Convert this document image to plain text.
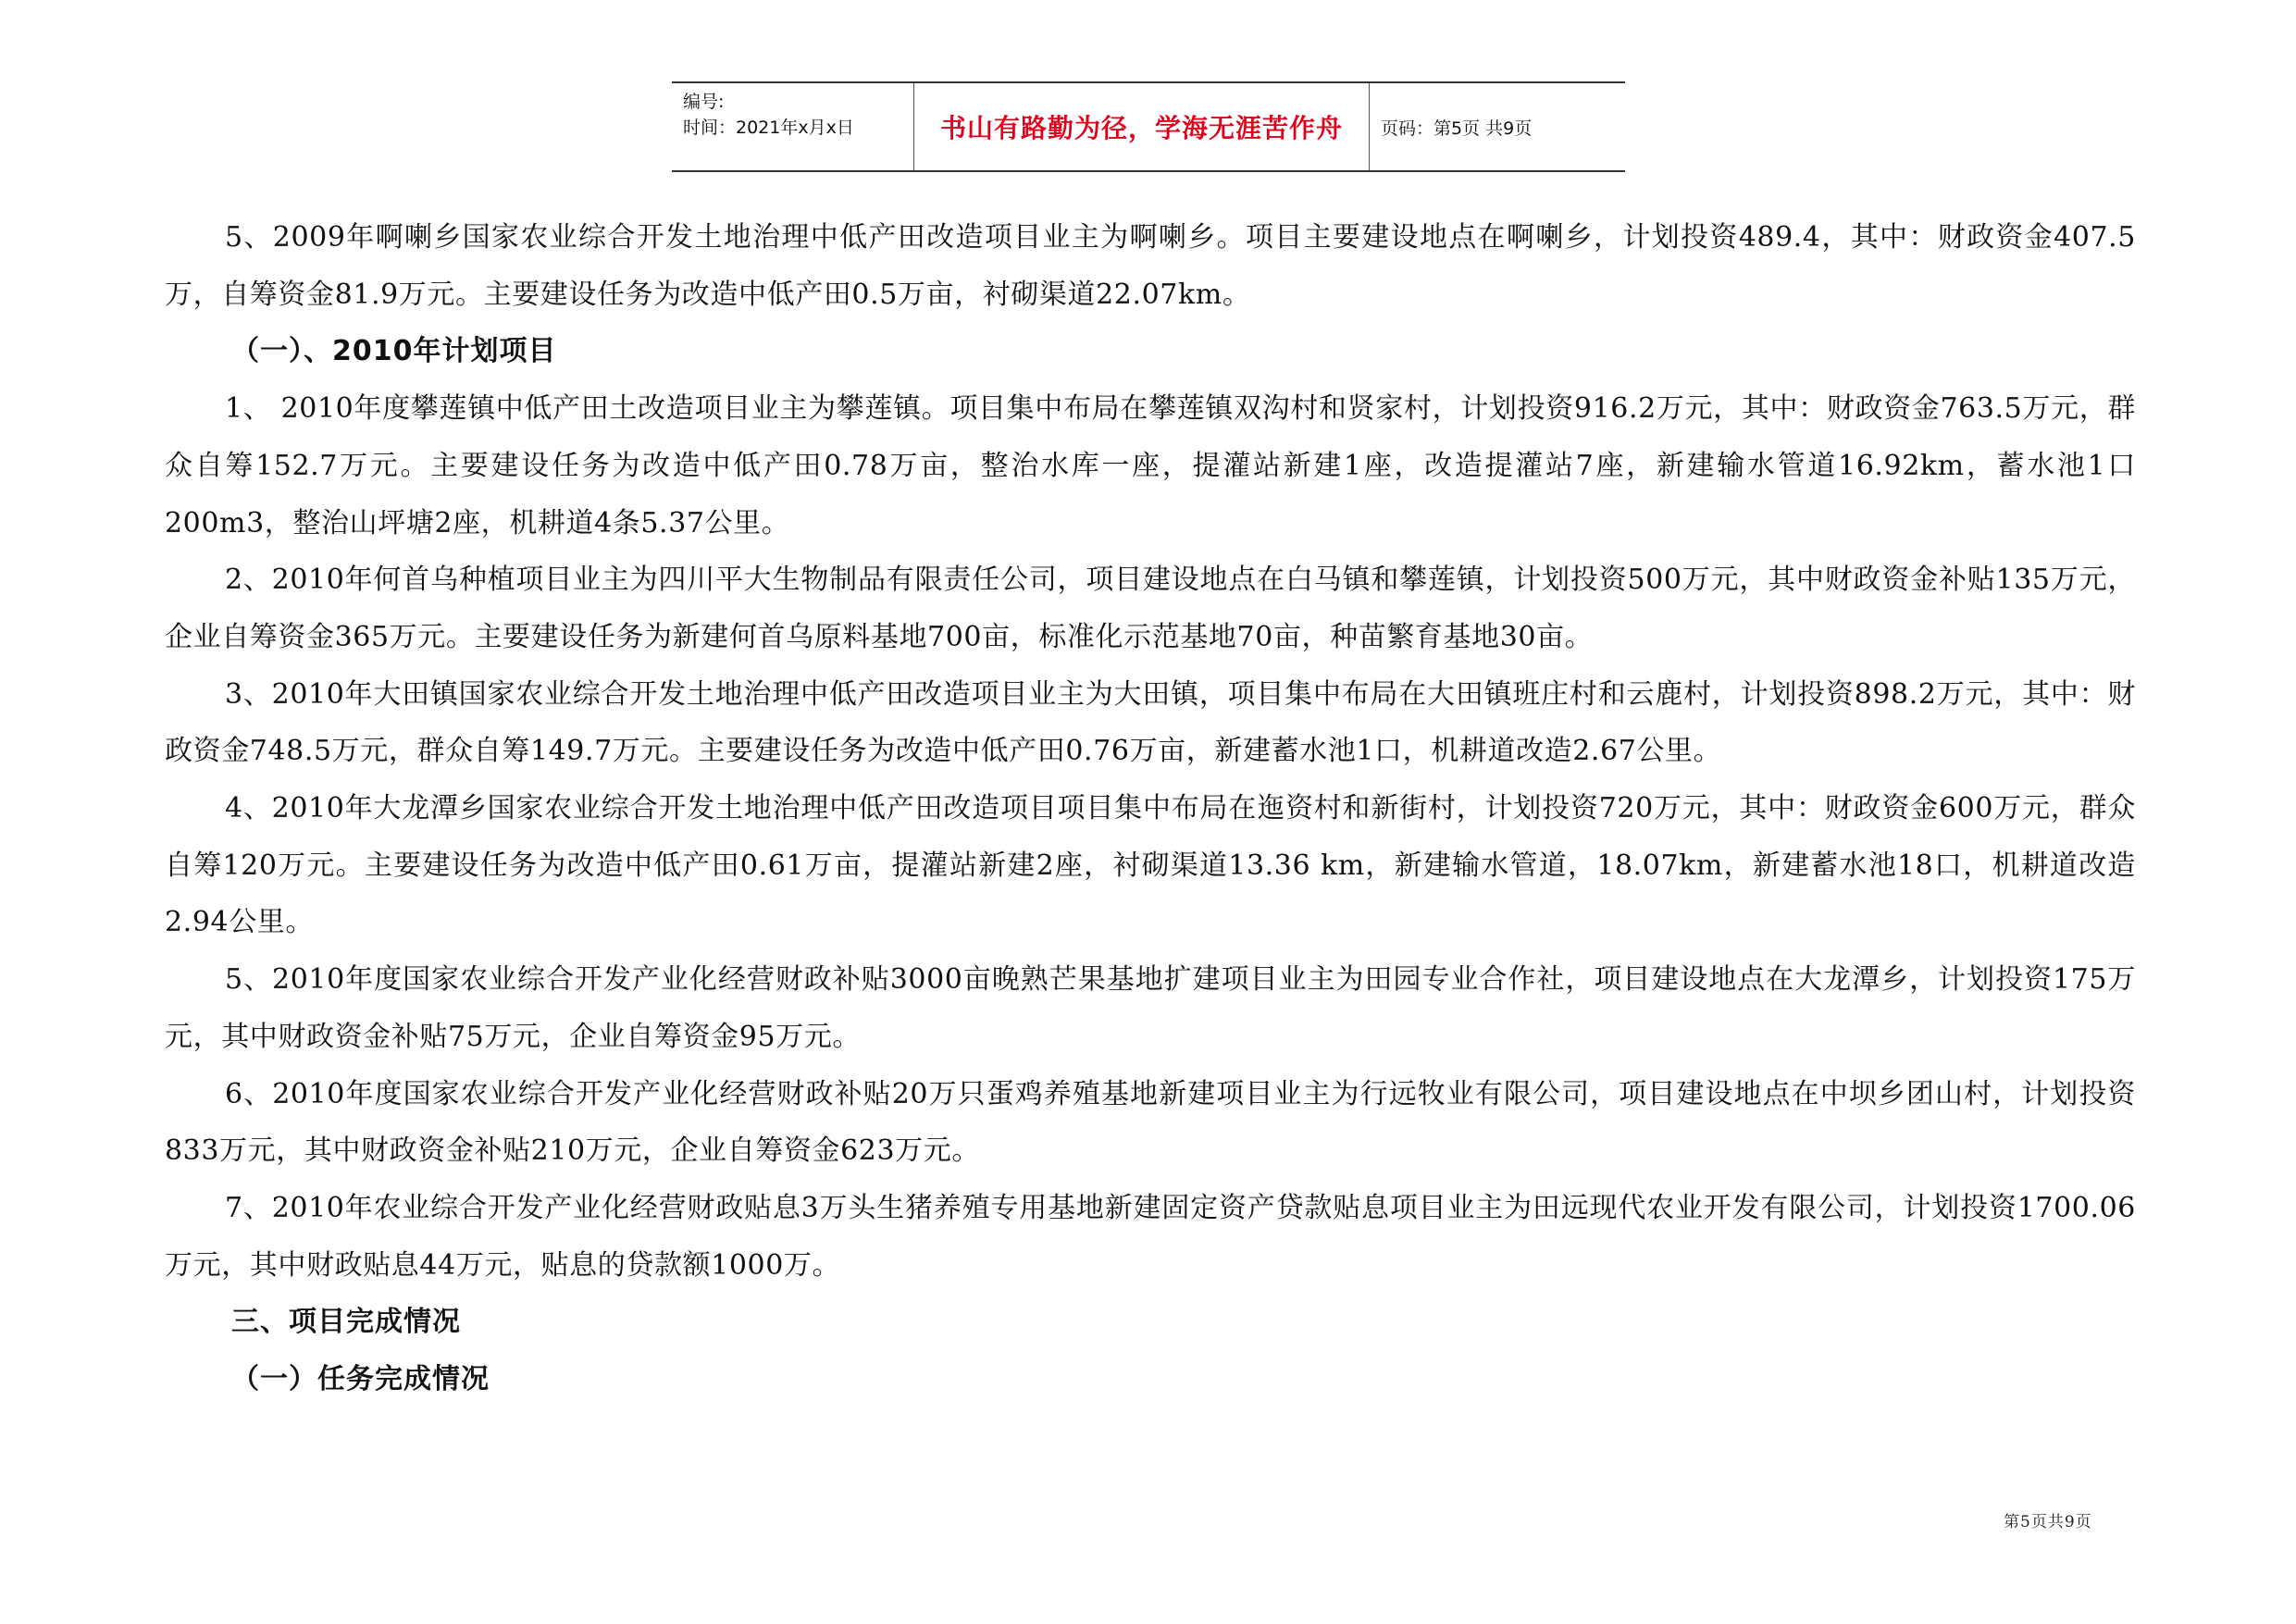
编号:
时间：2021年x月x日	书山有路勤为径，学海无涯苦作舟	页码：第5页 共9页

5、2009年啊喇乡国家农业综合开发土地治理中低产田改造项目业主为啊喇乡。项目主要建设地点在啊喇乡，计划投资489.4，其中：财政资金407.5万，自筹资金81.9万元。主要建设任务为改造中低产田0.5万亩，衬砌渠道22.07km。

（一）、2010年计划项目

1、 2010年度攀莲镇中低产田土改造项目业主为攀莲镇。项目集中布局在攀莲镇双沟村和贤家村，计划投资916.2万元，其中：财政资金763.5万元，群众自筹152.7万元。主要建设任务为改造中低产田0.78万亩，整治水库一座，提灌站新建1座，改造提灌站7座，新建输水管道16.92km，蓄水池1口200m3，整治山坪塘2座，机耕道4条5.37公里。

2、2010年何首乌种植项目业主为四川平大生物制品有限责任公司，项目建设地点在白马镇和攀莲镇，计划投资500万元，其中财政资金补贴135万元，企业自筹资金365万元。主要建设任务为新建何首乌原料基地700亩，标准化示范基地70亩，种苗繁育基地30亩。

3、2010年大田镇国家农业综合开发土地治理中低产田改造项目业主为大田镇，项目集中布局在大田镇班庄村和云鹿村，计划投资898.2万元，其中：财政资金748.5万元，群众自筹149.7万元。主要建设任务为改造中低产田0.76万亩，新建蓄水池1口，机耕道改造2.67公里。

4、2010年大龙潭乡国家农业综合开发土地治理中低产田改造项目项目集中布局在迤资村和新街村，计划投资720万元，其中：财政资金600万元，群众自筹120万元。主要建设任务为改造中低产田0.61万亩，提灌站新建2座，衬砌渠道13.36 km，新建输水管道，18.07km，新建蓄水池18口，机耕道改造2.94公里。

5、2010年度国家农业综合开发产业化经营财政补贴3000亩晚熟芒果基地扩建项目业主为田园专业合作社，项目建设地点在大龙潭乡，计划投资175万元，其中财政资金补贴75万元，企业自筹资金95万元。

6、2010年度国家农业综合开发产业化经营财政补贴20万只蛋鸡养殖基地新建项目业主为行远牧业有限公司，项目建设地点在中坝乡团山村，计划投资833万元，其中财政资金补贴210万元，企业自筹资金623万元。

7、2010年农业综合开发产业化经营财政贴息3万头生猪养殖专用基地新建固定资产贷款贴息项目业主为田远现代农业开发有限公司，计划投资1700.06万元，其中财政贴息44万元，贴息的贷款额1000万。

三、项目完成情况

（一）任务完成情况

第5页共9页
